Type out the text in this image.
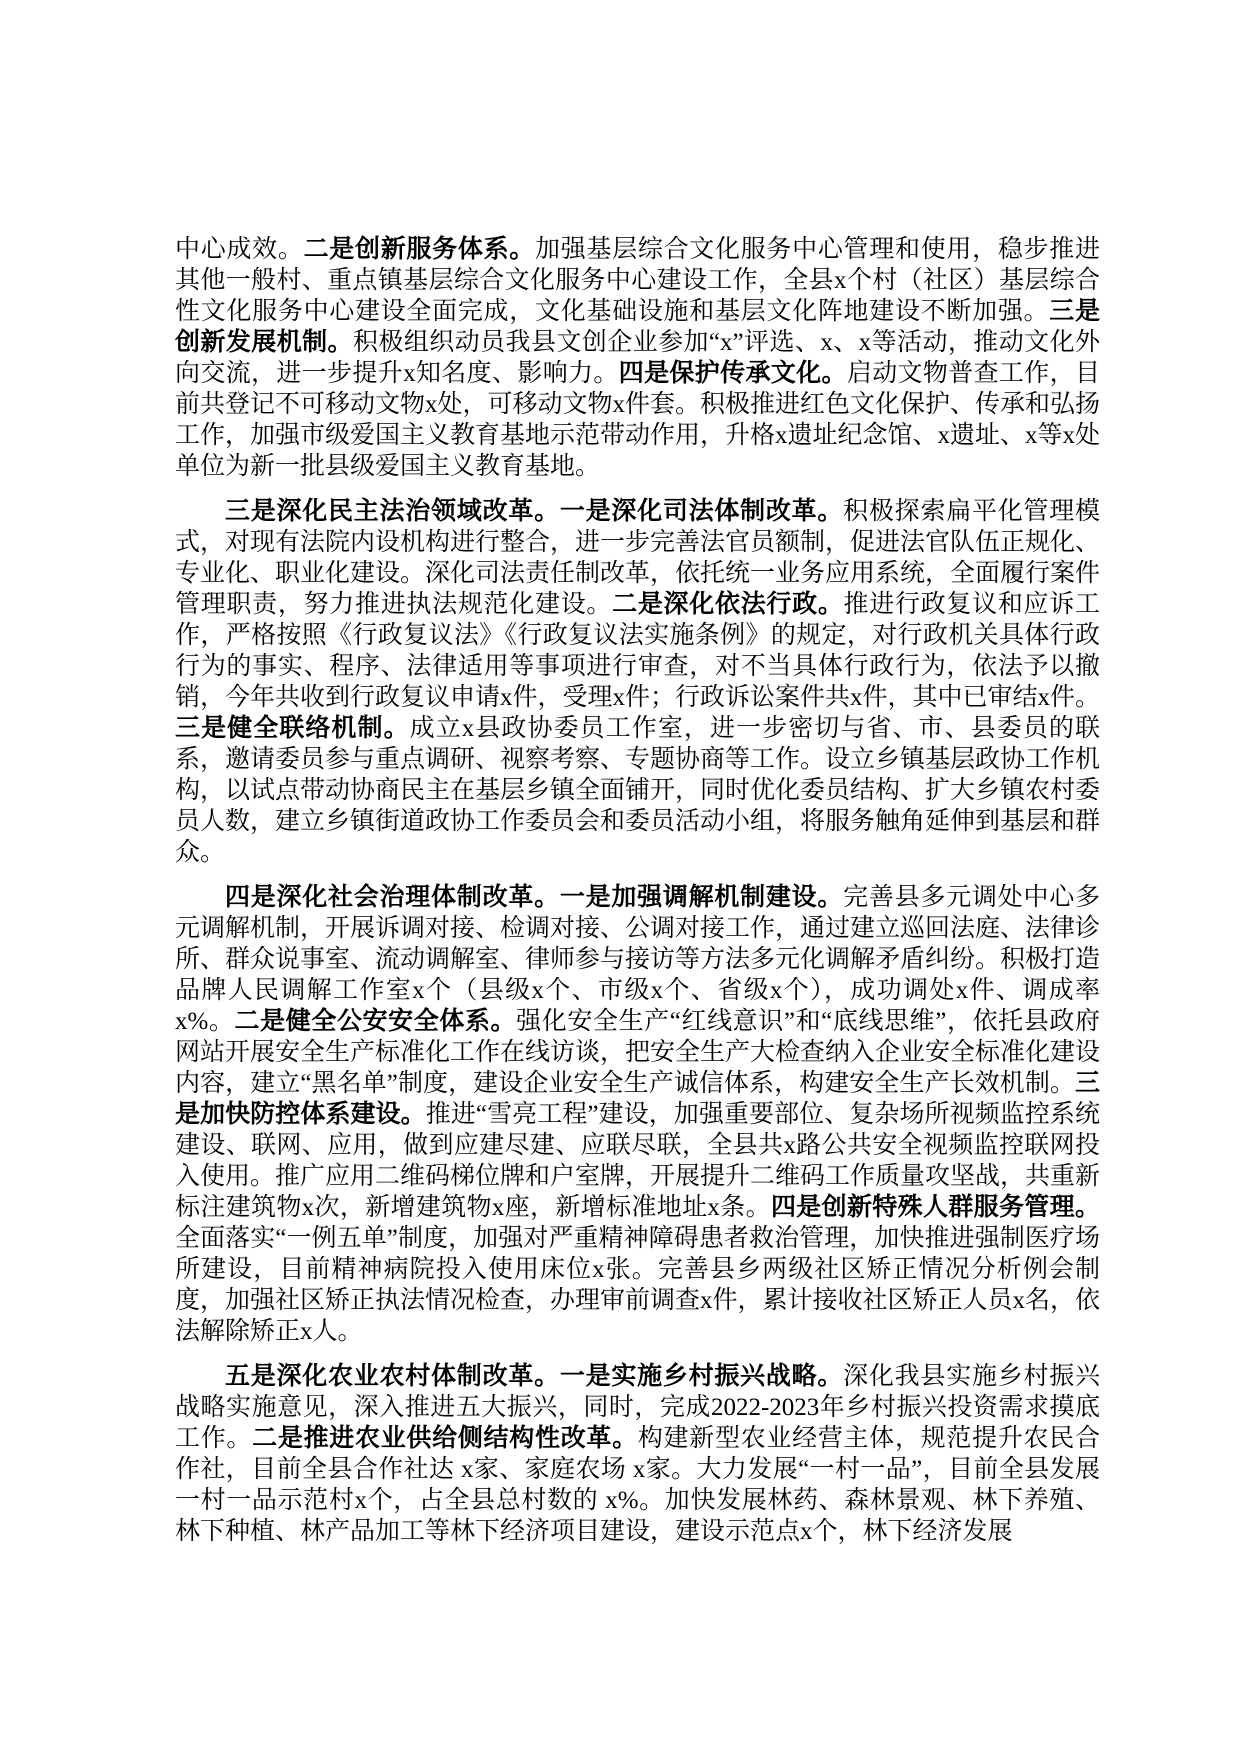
中心成效。二是创新服务体系。加强基层综合文化服务中心管理和使用，稳步推进其他一般村、重点镇基层综合文化服务中心建设工作，全县x个村（社区）基层综合性文化服务中心建设全面完成，文化基础设施和基层文化阵地建设不断加强。三是创新发展机制。积极组织动员我县文创企业参加“x”评选、x、x等活动，推动文化外向交流，进一步提升x知名度、影响力。四是保护传承文化。启动文物普查工作，目前共登记不可移动文物x处，可移动文物x件套。积极推进红色文化保护、传承和弘扬工作，加强市级爱国主义教育基地示范带动作用，升格x遗址纪念馆、x遗址、x等x处单位为新一批县级爱国主义教育基地。

三是深化民主法治领域改革。一是深化司法体制改革。积极探索扁平化管理模式，对现有法院内设机构进行整合，进一步完善法官员额制，促进法官队伍正规化、专业化、职业化建设。深化司法责任制改革，依托统一业务应用系统，全面履行案件管理职责，努力推进执法规范化建设。二是深化依法行政。推进行政复议和应诉工作，严格按照《行政复议法》《行政复议法实施条例》的规定，对行政机关具体行政行为的事实、程序、法律适用等事项进行审查，对不当具体行政行为，依法予以撤销，今年共收到行政复议申请x件，受理x件；行政诉讼案件共x件，其中已审结x件。三是健全联络机制。成立x县政协委员工作室，进一步密切与省、市、县委员的联系，邀请委员参与重点调研、视察考察、专题协商等工作。设立乡镇基层政协工作机构，以试点带动协商民主在基层乡镇全面铺开，同时优化委员结构、扩大乡镇农村委员人数，建立乡镇街道政协工作委员会和委员活动小组，将服务触角延伸到基层和群众。

四是深化社会治理体制改革。一是加强调解机制建设。完善县多元调处中心多元调解机制，开展诉调对接、检调对接、公调对接工作，通过建立巡回法庭、法律诊所、群众说事室、流动调解室、律师参与接访等方法多元化调解矛盾纠纷。积极打造品牌人民调解工作室x个（县级x个、市级x个、省级x个），成功调处x件、调成率x%。二是健全公安安全体系。强化安全生产“红线意识”和“底线思维”，依托县政府网站开展安全生产标准化工作在线访谈，把安全生产大检查纳入企业安全标准化建设内容，建立“黑名单”制度，建设企业安全生产诚信体系，构建安全生产长效机制。三是加快防控体系建设。推进“雪亮工程”建设，加强重要部位、复杂场所视频监控系统建设、联网、应用，做到应建尽建、应联尽联，全县共x路公共安全视频监控联网投入使用。推广应用二维码梯位牌和户室牌，开展提升二维码工作质量攻坚战，共重新标注建筑物x次，新增建筑物x座，新增标准地址x条。四是创新特殊人群服务管理。全面落实“一例五单”制度，加强对严重精神障碍患者救治管理，加快推进强制医疗场所建设，目前精神病院投入使用床位x张。完善县乡两级社区矫正情况分析例会制度，加强社区矫正执法情况检查，办理审前调查x件，累计接收社区矫正人员x名，依法解除矫正x人。

五是深化农业农村体制改革。一是实施乡村振兴战略。深化我县实施乡村振兴战略实施意见，深入推进五大振兴，同时，完成2022-2023年乡村振兴投资需求摸底工作。二是推进农业供给侧结构性改革。构建新型农业经营主体，规范提升农民合作社，目前全县合作社达 x家、家庭农场 x家。大力发展“一村一品”，目前全县发展一村一品示范村x个，占全县总村数的 x%。加快发展林药、森林景观、林下养殖、林下种植、林产品加工等林下经济项目建设，建设示范点x个，林下经济发展
